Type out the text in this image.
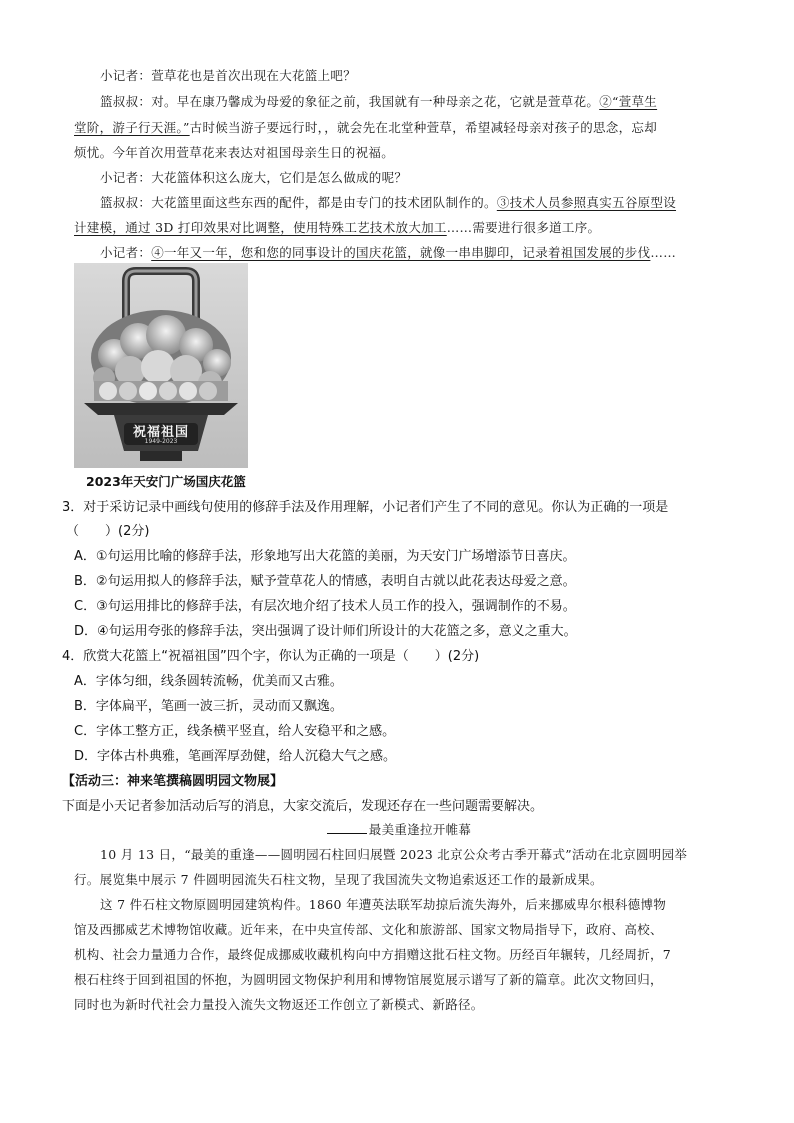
小记者：萱草花也是首次出现在大花篮上吧？
篮叔叔：对。早在康乃馨成为母爱的象征之前，我国就有一种母亲之花，它就是萱草花。②“萱草生
堂阶，游子行天涯。”古时候当游子要远行时，，就会先在北堂种萱草，希望减轻母亲对孩子的思念，忘却
烦忧。今年首次用萱草花来表达对祖国母亲生日的祝福。
小记者：大花篮体积这么庞大，它们是怎么做成的呢？
篮叔叔：大花篮里面这些东西的配件，都是由专门的技术团队制作的。③技术人员参照真实五谷原型设
计建模，通过 3D 打印效果对比调整，使用特殊工艺技术放大加工……需要进行很多道工序。
小记者：④一年又一年，您和您的同事设计的国庆花篮，就像一串串脚印，记录着祖国发展的步伐……
祝福祖国
1949-2023
2023年天安门广场国庆花篮
3．对于采访记录中画线句使用的修辞手法及作用理解，小记者们产生了不同的意见。你认为正确的一项是
（　　）(2分)
A．①句运用比喻的修辞手法，形象地写出大花篮的美丽，为天安门广场增添节日喜庆。
B．②句运用拟人的修辞手法，赋予萱草花人的情感，表明自古就以此花表达母爱之意。
C．③句运用排比的修辞手法，有层次地介绍了技术人员工作的投入，强调制作的不易。
D．④句运用夸张的修辞手法，突出强调了设计师们所设计的大花篮之多，意义之重大。
4．欣赏大花篮上“祝福祖国”四个字，你认为正确的一项是（　　）(2分)
A．字体匀细，线条圆转流畅，优美而又古雅。
B．字体扁平，笔画一波三折，灵动而又飘逸。
C．字体工整方正，线条横平竖直，给人安稳平和之感。
D．字体古朴典雅，笔画浑厚劲健，给人沉稳大气之感。
【活动三：神来笔撰稿圆明园文物展】
下面是小天记者参加活动后写的消息，大家交流后，发现还存在一些问题需要解决。
最美重逢拉开帷幕
10 月 13 日，“最美的重逢——圆明园石柱回归展暨 2023 北京公众考古季开幕式”活动在北京圆明园举
行。展览集中展示 7 件圆明园流失石柱文物，呈现了我国流失文物追索返还工作的最新成果。
这 7 件石柱文物原圆明园建筑构件。1860 年遭英法联军劫掠后流失海外，后来挪威卑尔根科德博物
馆及西挪威艺术博物馆收藏。近年来，在中央宣传部、文化和旅游部、国家文物局指导下，政府、高校、
机构、社会力量通力合作，最终促成挪威收藏机构向中方捐赠这批石柱文物。历经百年辗转，几经周折，7
根石柱终于回到祖国的怀抱，为圆明园文物保护利用和博物馆展览展示谱写了新的篇章。此次文物回归，
同时也为新时代社会力量投入流失文物返还工作创立了新模式、新路径。
